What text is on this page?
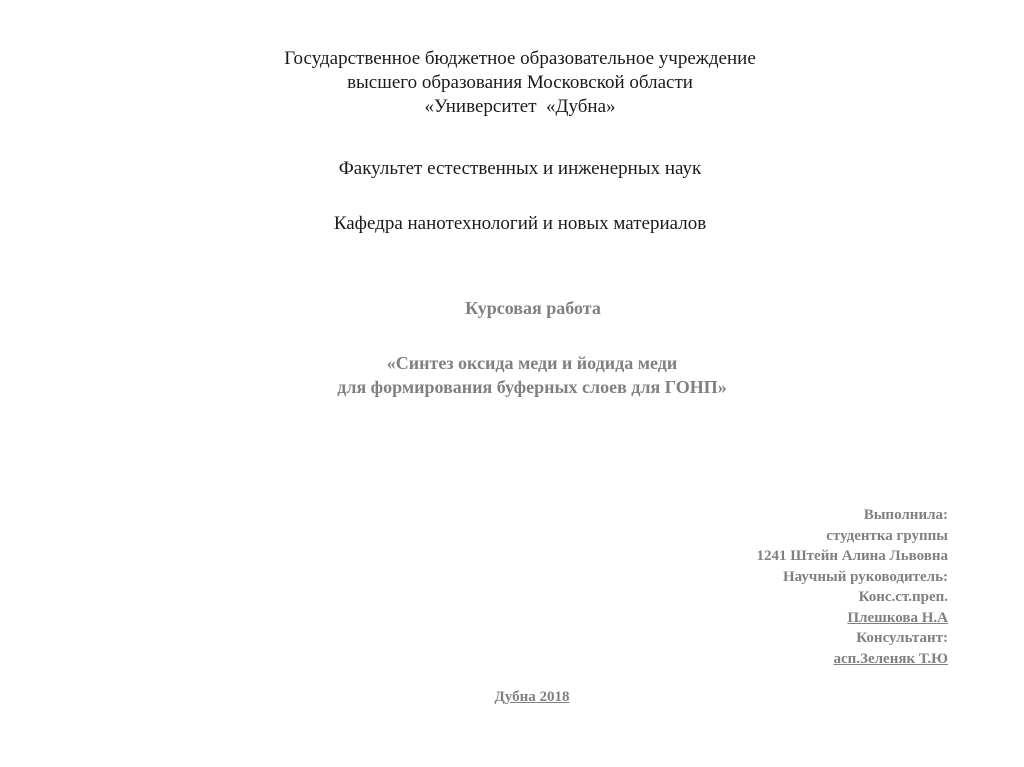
Государственное бюджетное образовательное учреждение
высшего образования Московской области
«Университет  «Дубна»
Факультет естественных и инженерных наук
Кафедра нанотехнологий и новых материалов
Курсовая работа
«Синтез оксида меди и йодида меди
для формирования буферных слоев для ГОНП»
Выполнила:
студентка группы
1241 Штейн Алина Львовна
Научный руководитель:
Конс.ст.преп.
Плешкова Н.А
Консультант:
асп.Зеленяк Т.Ю
Дубна 2018
